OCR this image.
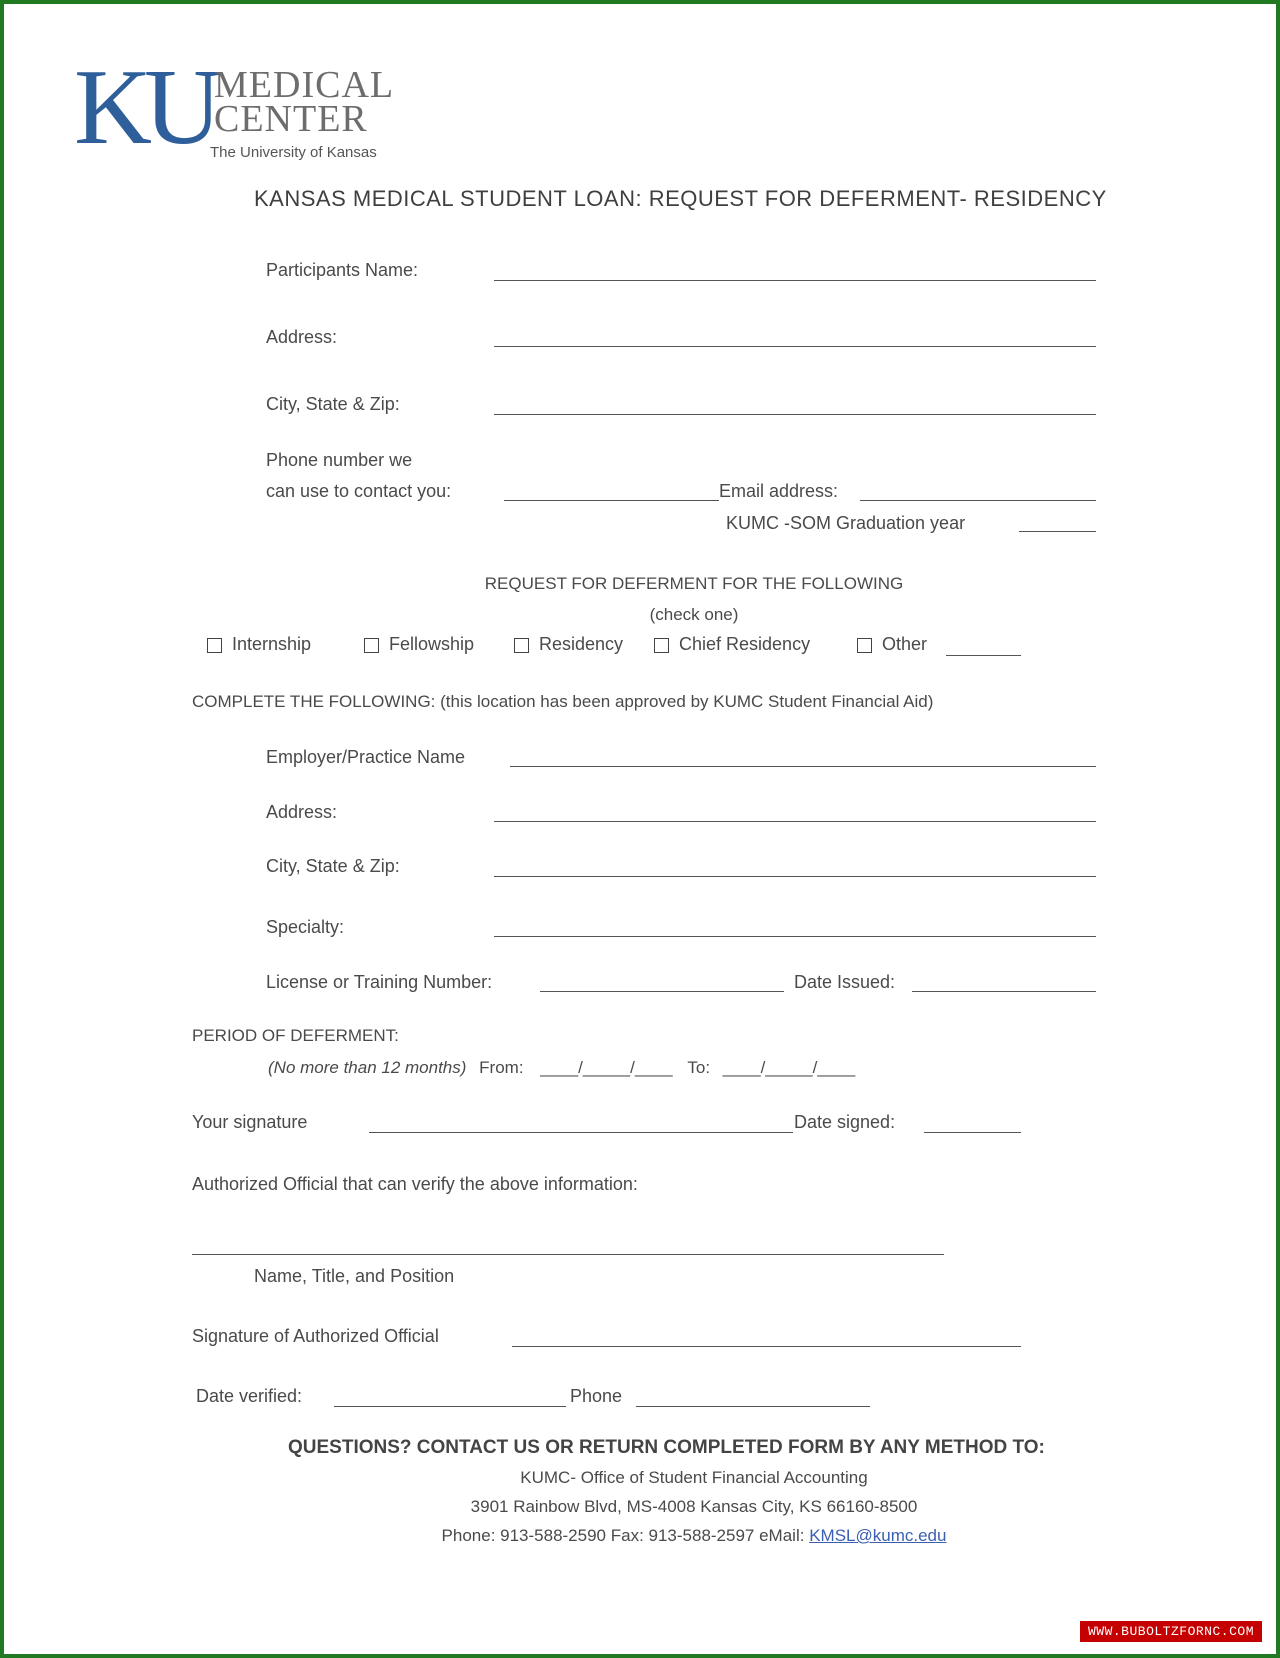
KU MEDICAL
CENTER
The University of Kansas
KANSAS MEDICAL STUDENT LOAN: REQUEST FOR DEFERMENT- RESIDENCY
Participants Name:
Address:
City, State & Zip:
Phone number we
can use to contact you:	Email address:
KUMC -SOM Graduation year
REQUEST FOR DEFERMENT FOR THE FOLLOWING
(check one)
Internship	Fellowship	Residency	Chief Residency	Other
COMPLETE THE FOLLOWING: (this location has been approved by KUMC Student Financial Aid)
Employer/Practice Name
Address:
City, State & Zip:
Specialty:
License or Training Number:	Date Issued:
PERIOD OF DEFERMENT:
(No more than 12 months) From: ____/_____/____ To: ____/_____/____
Your signature	Date signed:
Authorized Official that can verify the above information:
Name, Title, and Position
Signature of Authorized Official
Date verified:	Phone
QUESTIONS? CONTACT US OR RETURN COMPLETED FORM BY ANY METHOD TO:
KUMC- Office of Student Financial Accounting
3901 Rainbow Blvd, MS-4008 Kansas City, KS 66160-8500
Phone: 913-588-2590 Fax: 913-588-2597 eMail: KMSL@kumc.edu
WWW.BUBOLTZFORNC.COM
